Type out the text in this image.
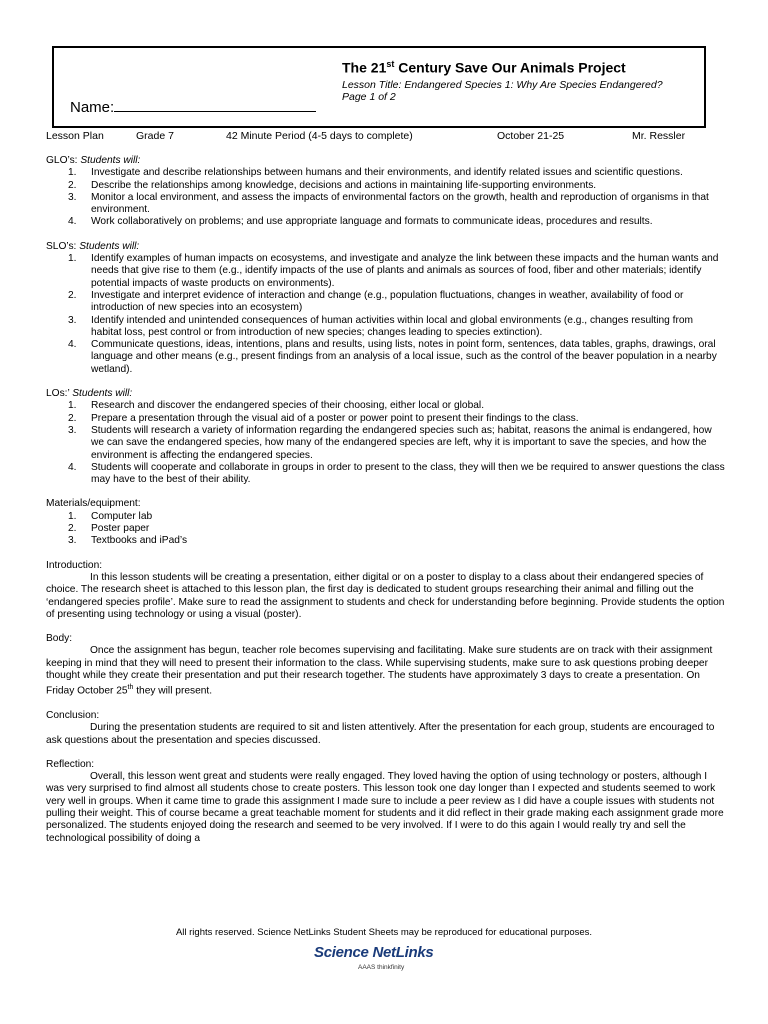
Name:
The 21st Century Save Our Animals Project
Lesson Title: Endangered Species 1: Why Are Species Endangered?
Page 1 of 2
Lesson Plan	Grade 7	42 Minute Period (4-5 days to complete)	October 21-25	Mr. Ressler
GLO’s: Students will:
1. Investigate and describe relationships between humans and their environments, and identify related issues and scientific questions.
2. Describe the relationships among knowledge, decisions and actions in maintaining life-supporting environments.
3. Monitor a local environment, and assess the impacts of environmental factors on the growth, health and reproduction of organisms in that environment.
4. Work collaboratively on problems; and use appropriate language and formats to communicate ideas, procedures and results.
SLO’s: Students will:
1. Identify examples of human impacts on ecosystems, and investigate and analyze the link between these impacts and the human wants and needs that give rise to them (e.g., identify impacts of the use of plants and animals as sources of food, fiber and other materials; identify potential impacts of waste products on environments).
2. Investigate and interpret evidence of interaction and change (e.g., population fluctuations, changes in weather, availability of food or introduction of new species into an ecosystem)
3. Identify intended and unintended consequences of human activities within local and global environments (e.g., changes resulting from habitat loss, pest control or from introduction of new species; changes leading to species extinction).
4. Communicate questions, ideas, intentions, plans and results, using lists, notes in point form, sentences, data tables, graphs, drawings, oral language and other means (e.g., present findings from an analysis of a local issue, such as the control of the beaver population in a nearby wetland).
LOs:’ Students will:
1. Research and discover the endangered species of their choosing, either local or global.
2. Prepare a presentation through the visual aid of a poster or power point to present their findings to the class.
3. Students will research a variety of information regarding the endangered species such as; habitat, reasons the animal is endangered, how we can save the endangered species, how many of the endangered species are left, why it is important to save the species, and how the environment is affecting the endangered species.
4. Students will cooperate and collaborate in groups in order to present to the class, they will then we be required to answer questions the class may have to the best of their ability.
Materials/equipment:
1. Computer lab
2. Poster paper
3. Textbooks and iPad’s
Introduction:
In this lesson students will be creating a presentation, either digital or on a poster to display to a class about their endangered species of choice. The research sheet is attached to this lesson plan, the first day is dedicated to student groups researching their animal and filling out the ‘endangered species profile’. Make sure to read the assignment to students and check for understanding before beginning. Provide students the option of presenting using technology or using a visual (poster).
Body:
Once the assignment has begun, teacher role becomes supervising and facilitating. Make sure students are on track with their assignment keeping in mind that they will need to present their information to the class. While supervising students, make sure to ask questions probing deeper thought while they create their presentation and put their research together. The students have approximately 3 days to create a presentation. On Friday October 25th they will present.
Conclusion:
During the presentation students are required to sit and listen attentively. After the presentation for each group, students are encouraged to ask questions about the presentation and species discussed.
Reflection:
Overall, this lesson went great and students were really engaged. They loved having the option of using technology or posters, although I was very surprised to find almost all students chose to create posters. This lesson took one day longer than I expected and students seemed to work very well in groups. When it came time to grade this assignment I made sure to include a peer review as I did have a couple issues with students not pulling their weight. This of course became a great teachable moment for students and it did reflect in their grade making each assignment grade more personalized. The students enjoyed doing the research and seemed to be very involved. If I were to do this again I would really try and sell the technological possibility of doing a
All rights reserved. Science NetLinks Student Sheets may be reproduced for educational purposes.
Science NetLinks
AAAS thinkfinity
